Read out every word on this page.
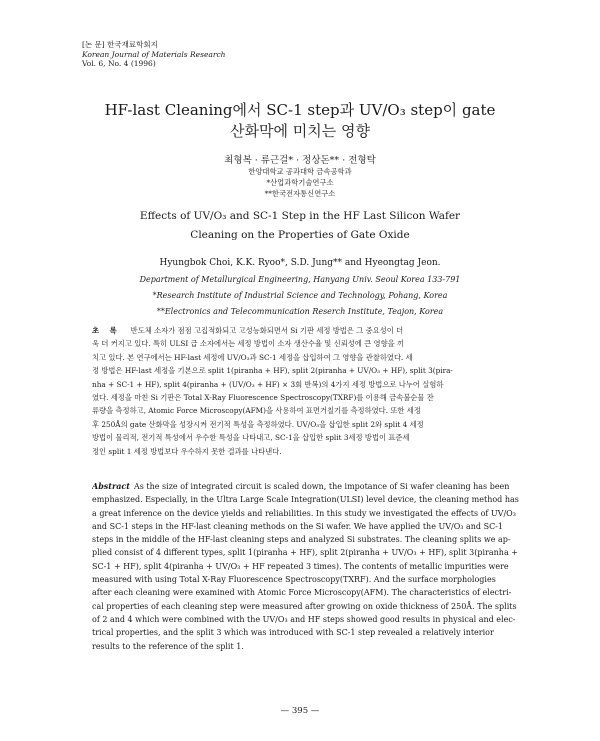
[논 문] 한국재료학회지
Korean Journal of Materials Research
Vol. 6, No. 4 (1996)
HF-last Cleaning에서 SC-1 step과 UV/O₃ step이 gate
산화막에 미치는 영향
최형복 · 류근걸* · 정상돈** · 전형탁
한양대학교 공과대학 금속공학과
*산업과학기술연구소
**한국전자통신연구소
Effects of UV/O₃ and SC-1 Step in the HF Last Silicon Wafer
Cleaning on the Properties of Gate Oxide
Hyungbok Choi, K.K. Ryoo*, S.D. Jung** and Hyeongtag Jeon.
Department of Metallurgical Engineering, Hanyang Univ. Seoul Korea 133-791
*Research Institute of Industrial Science and Technology, Pohang, Korea
**Electronics and Telecommunication Reserch Institute, Teajon, Korea
초 록 반도체 소자가 점점 고집적화되고 고성능화되면서 Si 기판 세정 방법은 그 중요성이 더
욱 더 커지고 있다. 특히 ULSI 급 소자에서는 세정 방법이 소자 생산수율 및 신뢰성에 큰 영향을 끼
치고 있다. 본 연구에서는 HF-last 세정에 UV/O₃과 SC-1 세정을 삽입하여 그 영향을 관찰하였다. 세
정 방법은 HF-last 세정을 기본으로 split 1(piranha + HF), split 2(piranha + UV/O₃ + HF), split 3(pira-
nha + SC-1 + HF), split 4(piranha + (UV/O₃ + HF) × 3회 반복)의 4가지 세정 방법으로 나누어 실험하
였다. 세정을 마친 Si 기판은 Total X-Ray Fluorescence Spectroscopy(TXRF)를 이용해 금속불순물 잔
류량을 측정하고, Atomic Force Microscopy(AFM)을 사용하여 표면거칠기를 측정하였다. 또한 세정
후 250Å의 gate 산화막을 성장시켜 전기적 특성을 측정하였다. UV/O₃을 삽입한 split 2와 split 4 세정
방법이 물리적, 전기적 특성에서 우수한 특성을 나타내고, SC-1을 삽입한 split 3세정 방법이 표준세
정인 split 1 세정 방법보다 우수하지 못한 결과를 나타낸다.
Abstract As the size of integrated circuit is scaled down, the impotance of Si wafer cleaning has been
emphasized. Especially, in the Ultra Large Scale Integration(ULSI) level device, the cleaning method has
a great inference on the device yields and reliabilities. In this study we investigated the effects of UV/O₃
and SC-1 steps in the HF-last cleaning methods on the Si wafer. We have applied the UV/O₃ and SC-1
steps in the middle of the HF-last cleaning steps and analyzed Si substrates. The cleaning splits we ap-
plied consist of 4 different types, split 1(piranha + HF), split 2(piranha + UV/O₃ + HF), split 3(piranha +
SC-1 + HF), split 4(piranha + UV/O₃ + HF repeated 3 times). The contents of metallic impurities were
measured with using Total X-Ray Fluorescence Spectroscopy(TXRF). And the surface morphologies
after each cleaning were examined with Atomic Force Microscopy(AFM). The characteristics of electri-
cal properties of each cleaning step were measured after growing on oxide thickness of 250Å. The splits
of 2 and 4 which were combined with the UV/O₃ and HF steps showed good results in physical and elec-
trical properties, and the split 3 which was introduced with SC-1 step revealed a relatively interior
results to the reference of the split 1.
— 395 —
